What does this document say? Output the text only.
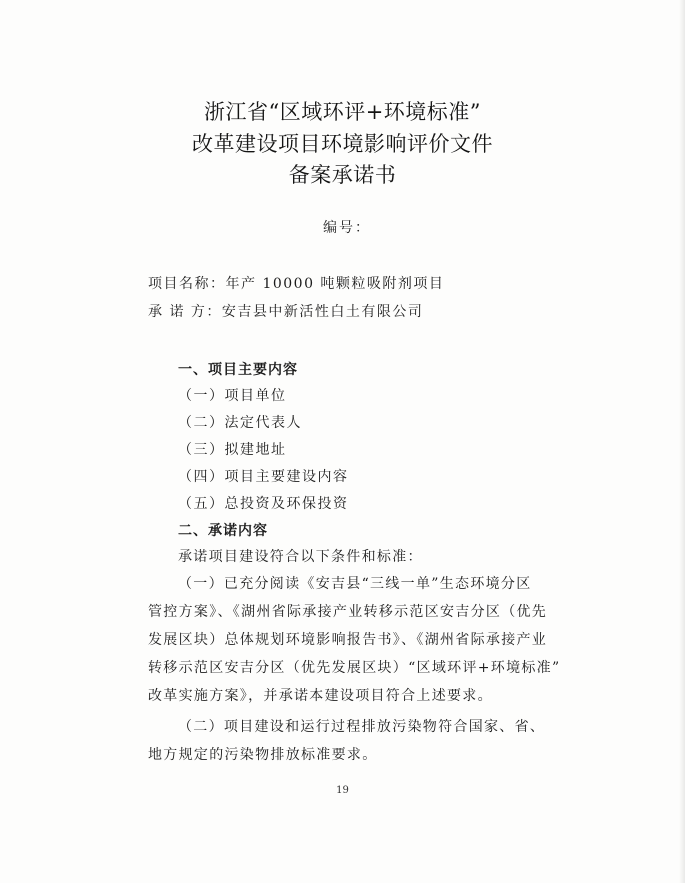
浙江省“区域环评+环境标准”
改革建设项目环境影响评价文件
备案承诺书
编号：
项目名称：年产 10000 吨颗粒吸附剂项目
承 诺 方：安吉县中新活性白土有限公司
一、项目主要内容
（一）项目单位
（二）法定代表人
（三）拟建地址
（四）项目主要建设内容
（五）总投资及环保投资
二、承诺内容
承诺项目建设符合以下条件和标准：
（一）已充分阅读《安吉县“三线一单”生态环境分区
管控方案》、《湖州省际承接产业转移示范区安吉分区（优先
发展区块）总体规划环境影响报告书》、《湖州省际承接产业
转移示范区安吉分区（优先发展区块）“区域环评+环境标准”
改革实施方案》，并承诺本建设项目符合上述要求。
（二）项目建设和运行过程排放污染物符合国家、省、
地方规定的污染物排放标准要求。
19
